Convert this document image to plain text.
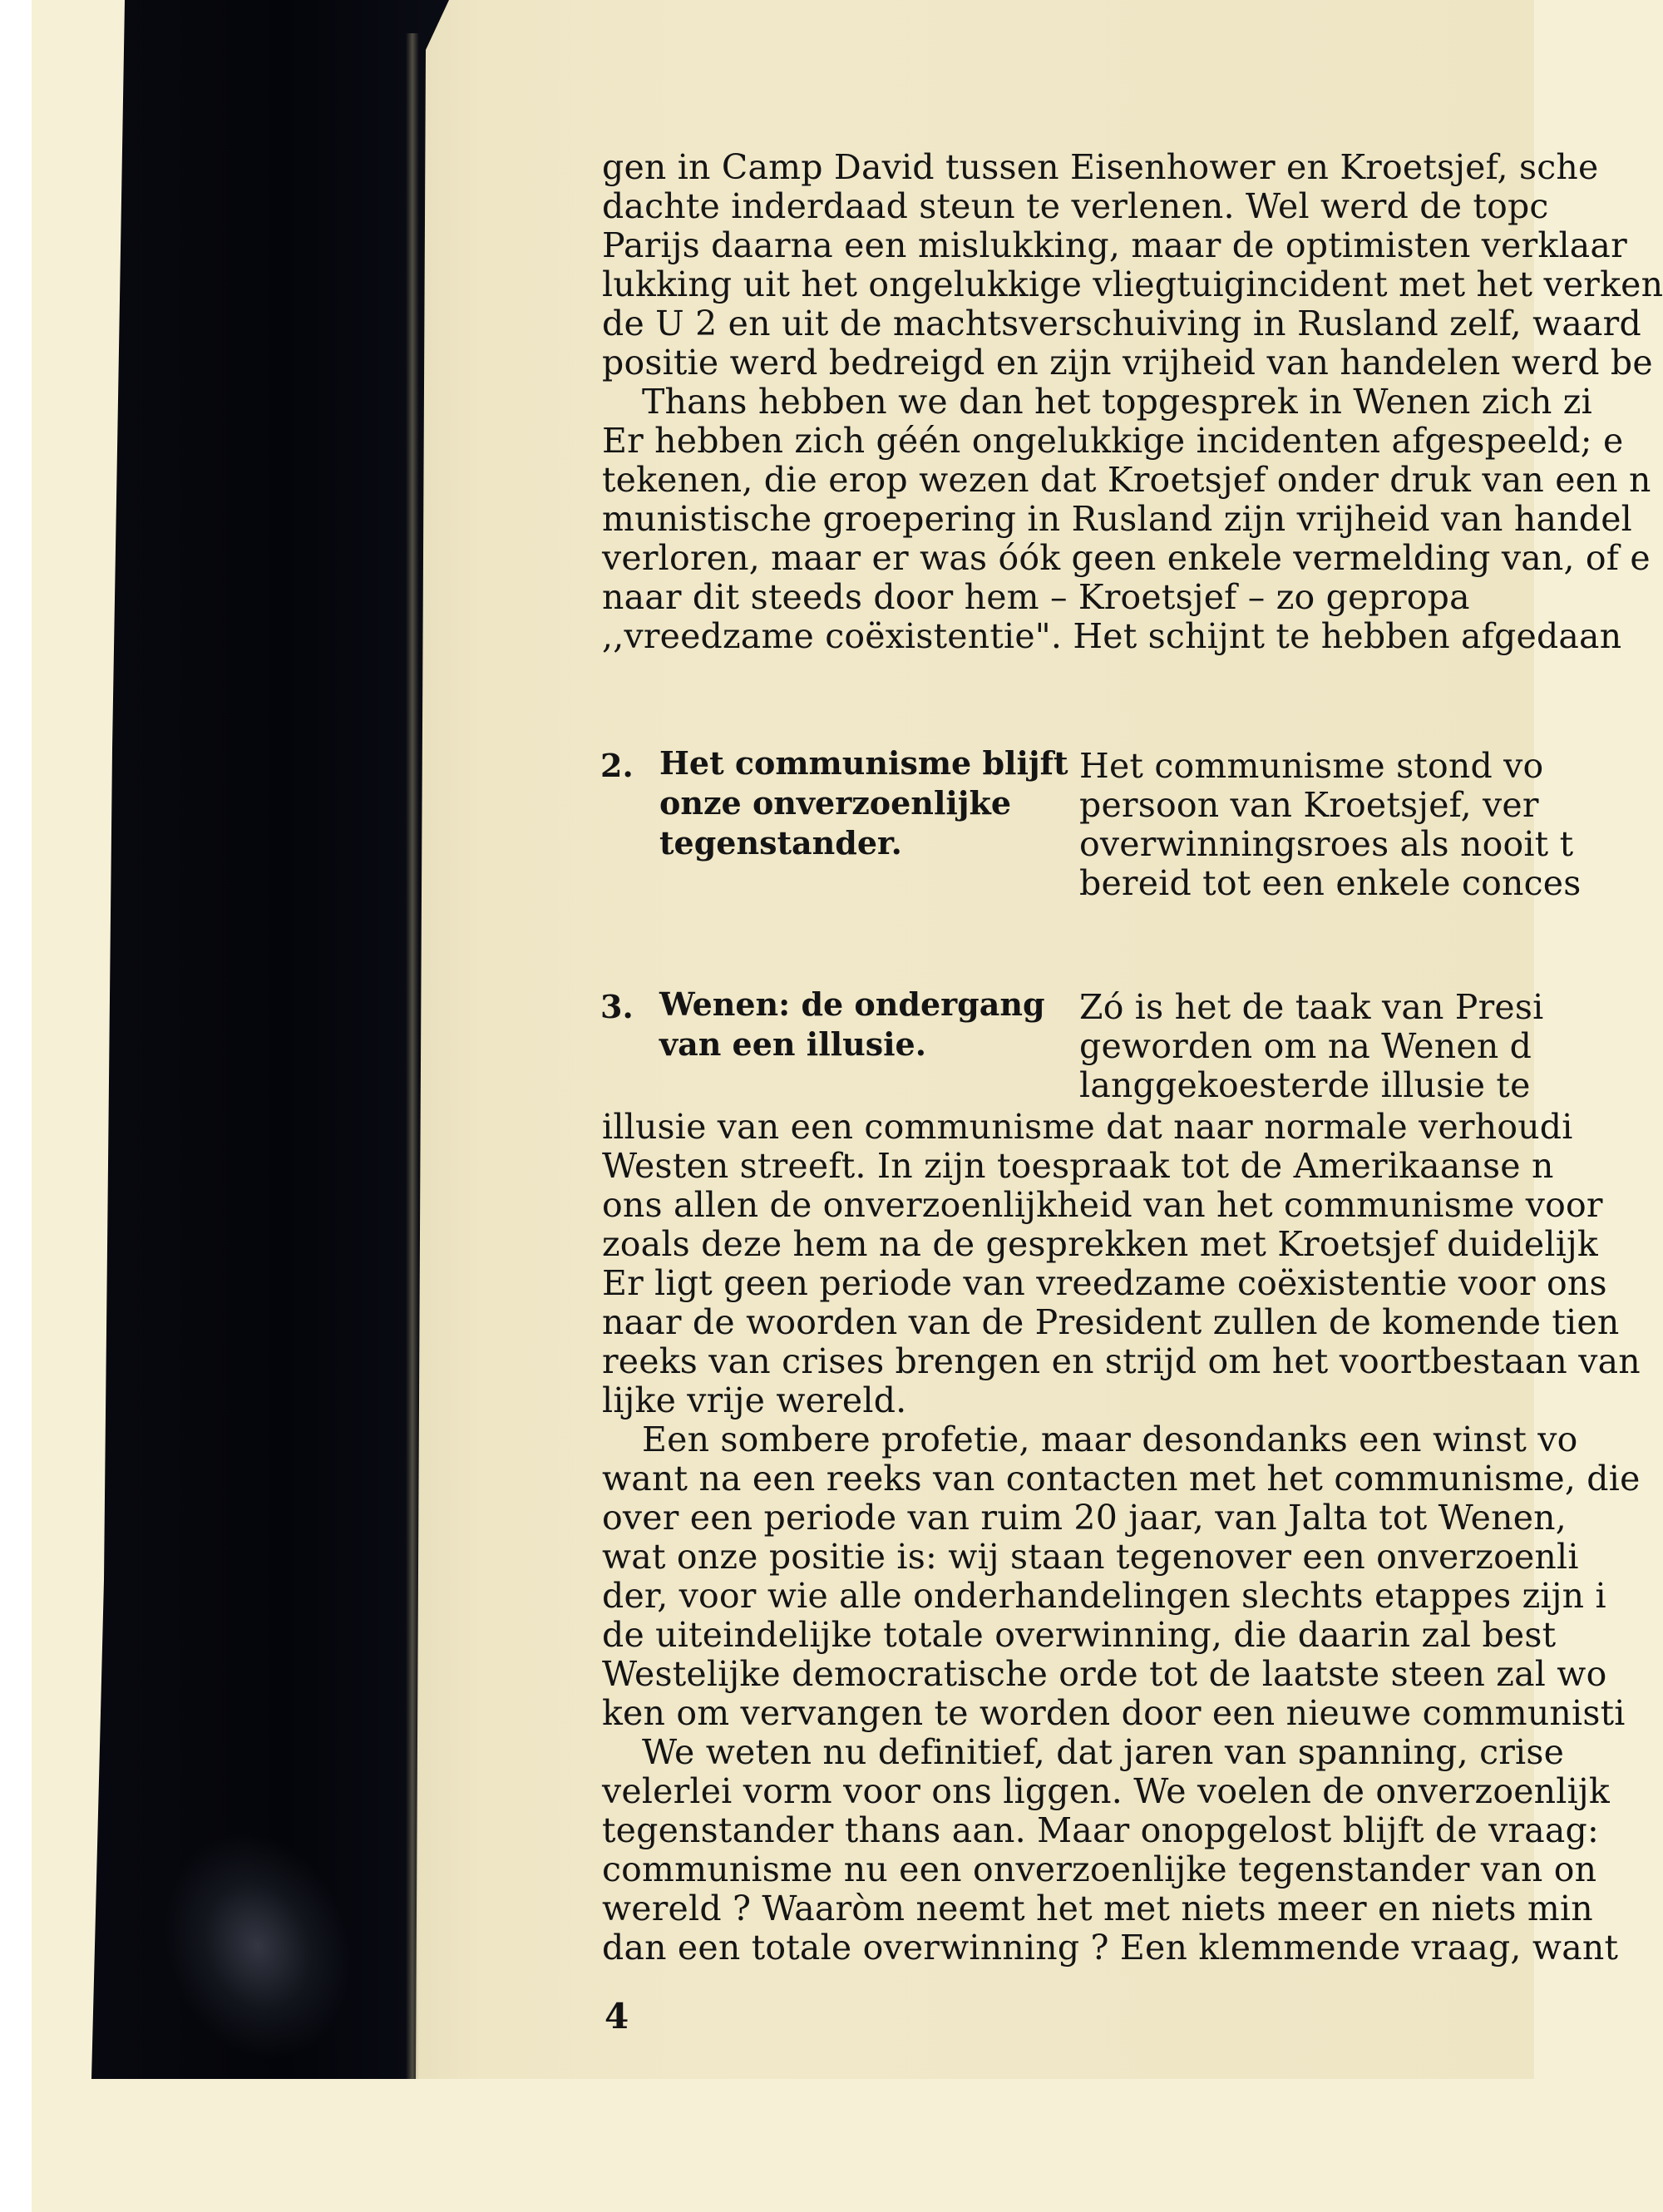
gen in Camp David tussen Eisenhower en Kroetsjef, sche
dachte inderdaad steun te verlenen. Wel werd de topc
Parijs daarna een mislukking, maar de optimisten verklaar
lukking uit het ongelukkige vliegtuigincident met het verken
de U 2 en uit de machtsverschuiving in Rusland zelf, waard
positie werd bedreigd en zijn vrijheid van handelen werd be
Thans hebben we dan het topgesprek in Wenen zich zi
Er hebben zich géén ongelukkige incidenten afgespeeld; e
tekenen, die erop wezen dat Kroetsjef onder druk van een n
munistische groepering in Rusland zijn vrijheid van handel
verloren, maar er was óók geen enkele vermelding van, of e
naar dit steeds door hem – Kroetsjef – zo gepropa
,,vreedzame coëxistentie". Het schijnt te hebben afgedaan
2. Het communisme blijft
onze onverzoenlijke
tegenstander.
Het communisme stond vo
persoon van Kroetsjef, ver
overwinningsroes als nooit t
bereid tot een enkele conces
3. Wenen: de ondergang
van een illusie.
Zó is het de taak van Presi
geworden om na Wenen d
langgekoesterde illusie te
illusie van een communisme dat naar normale verhoudi
Westen streeft. In zijn toespraak tot de Amerikaanse n
ons allen de onverzoenlijkheid van het communisme voor
zoals deze hem na de gesprekken met Kroetsjef duidelijk
Er ligt geen periode van vreedzame coëxistentie voor ons
naar de woorden van de President zullen de komende tien
reeks van crises brengen en strijd om het voortbestaan van
lijke vrije wereld.
Een sombere profetie, maar desondanks een winst vo
want na een reeks van contacten met het communisme, die
over een periode van ruim 20 jaar, van Jalta tot Wenen,
wat onze positie is: wij staan tegenover een onverzoenli
der, voor wie alle onderhandelingen slechts etappes zijn i
de uiteindelijke totale overwinning, die daarin zal best
Westelijke democratische orde tot de laatste steen zal wo
ken om vervangen te worden door een nieuwe communisti
We weten nu definitief, dat jaren van spanning, crise
velerlei vorm voor ons liggen. We voelen de onverzoenlijk
tegenstander thans aan. Maar onopgelost blijft de vraag:
communisme nu een onverzoenlijke tegenstander van on
wereld ? Waaròm neemt het met niets meer en niets min
dan een totale overwinning ? Een klemmende vraag, want
4
